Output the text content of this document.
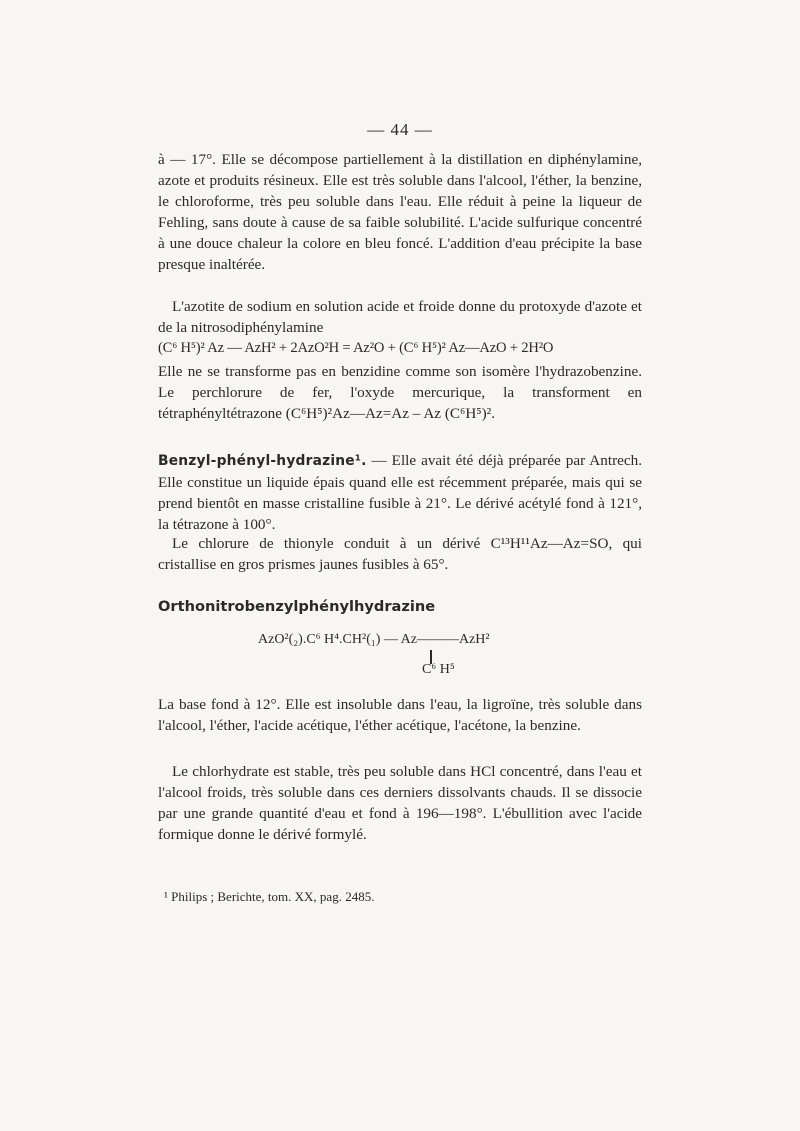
— 44 —
à — 17°. Elle se décompose partiellement à la distillation en diphénylamine, azote et produits résineux. Elle est très soluble dans l'alcool, l'éther, la benzine, le chloroforme, très peu soluble dans l'eau. Elle réduit à peine la liqueur de Fehling, sans doute à cause de sa faible solubilité. L'acide sulfurique concentré à une douce chaleur la colore en bleu foncé. L'addition d'eau précipite la base presque inaltérée.
L'azotite de sodium en solution acide et froide donne du protoxyde d'azote et de la nitrosodiphénylamine
(C⁶ H⁵)² Az — AzH² + 2AzO²H = Az²O + (C⁶ H⁵)² Az—AzO + 2H²O
Elle ne se transforme pas en benzidine comme son isomère l'hydrazobenzine. Le perchlorure de fer, l'oxyde mercurique, la transforment en tétraphényltétrazone (C⁶H⁵)²Az—Az=Az – Az (C⁶H⁵)².
Benzyl-phényl-hydrazine¹. — Elle avait été déjà préparée par Antrech. Elle constitue un liquide épais quand elle est récemment préparée, mais qui se prend bientôt en masse cristalline fusible à 21°. Le dérivé acétylé fond à 121°, la tétrazone à 100°.
Le chlorure de thionyle conduit à un dérivé C¹³H¹¹Az—Az=SO, qui cristallise en gros prismes jaunes fusibles à 65°.
Orthonitrobenzylphénylhydrazine
AzO²(₂).C⁶ H⁴.CH²(₁) — Az———AzH²
C⁶ H⁵
La base fond à 12°. Elle est insoluble dans l'eau, la ligroïne, très soluble dans l'alcool, l'éther, l'acide acétique, l'éther acétique, l'acétone, la benzine.
Le chlorhydrate est stable, très peu soluble dans HCl concentré, dans l'eau et l'alcool froids, très soluble dans ces derniers dissolvants chauds. Il se dissocie par une grande quantité d'eau et fond à 196—198°. L'ébullition avec l'acide formique donne le dérivé formylé.
¹ Philips ; Berichte, tom. XX, pag. 2485.
